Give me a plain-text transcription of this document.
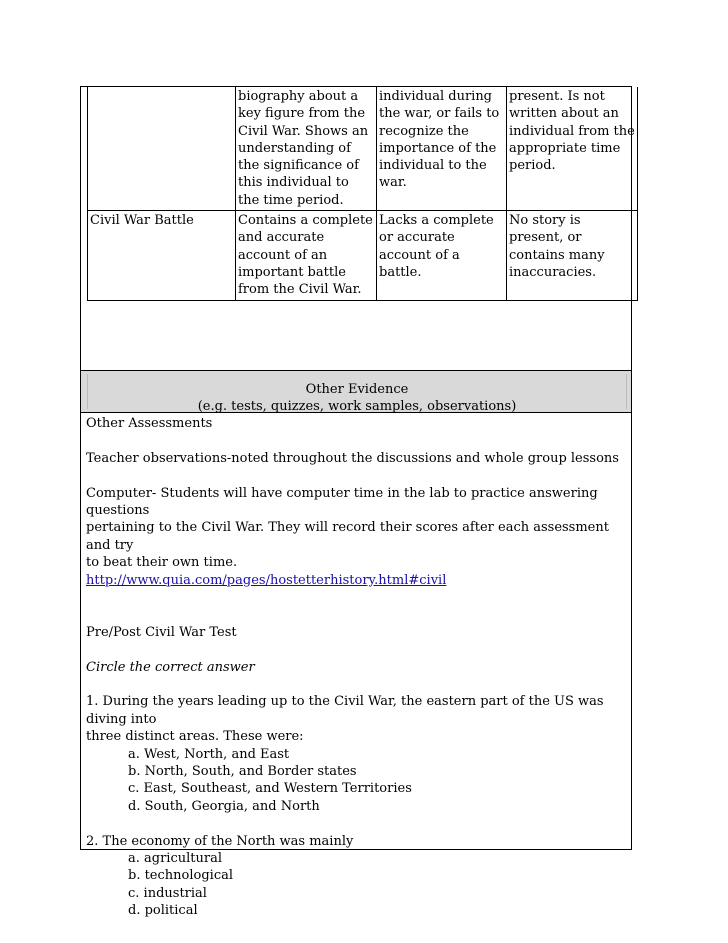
	biography about a key figure from the Civil War. Shows an understanding of the significance of this individual to the time period.	individual during the war, or fails to recognize the importance of the individual to the war.	present. Is not written about an individual from the appropriate time period.
Civil War Battle	Contains a complete and accurate account of an important battle from the Civil War.	Lacks a complete or accurate account of a battle.	No story is present, or contains many inaccuracies.
Other Evidence
(e.g. tests, quizzes, work samples, observations)

Other Assessments

Teacher observations-noted throughout the discussions and whole group lessons

Computer- Students will have computer time in the lab to practice answering questions

pertaining to the Civil War. They will record their scores after each assessment and try

to beat their own time.

http://www.quia.com/pages/hostetterhistory.html#civil

Pre/Post Civil War Test

Circle the correct answer

1. During the years leading up to the Civil War, the eastern part of the US was diving into

three distinct areas. These were:

a. West, North, and East

b. North, South, and Border states

c. East, Southeast, and Western Territories

d. South, Georgia, and North

2. The economy of the North was mainly

a. agricultural

b. technological

c. industrial

d. political
